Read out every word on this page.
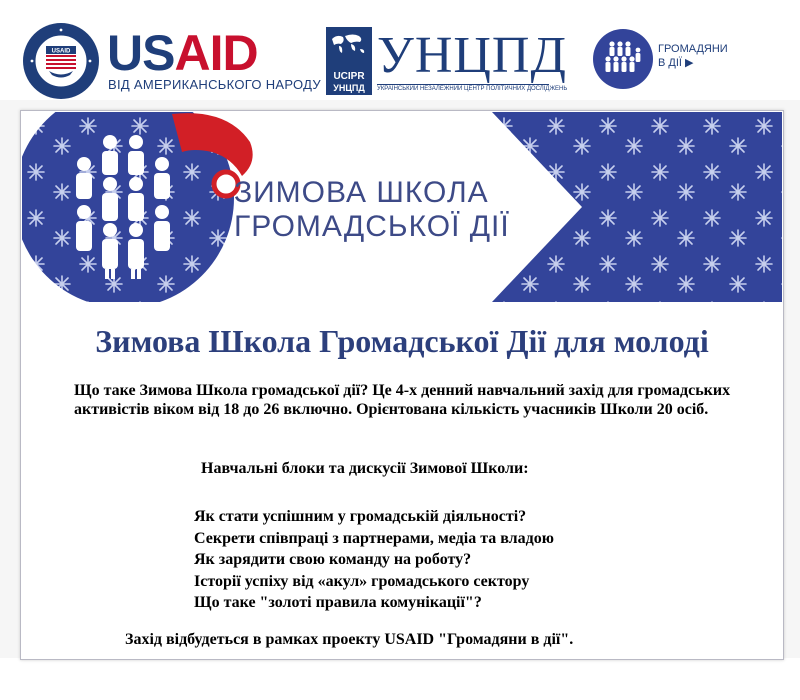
USAID USAID
ВІД АМЕРИКАНСЬКОГО НАРОДУ
UCIPR
УНЦПД
УНЦПД
УКРАЇНСЬКИЙ НЕЗАЛЕЖНИЙ ЦЕНТР ПОЛІТИЧНИХ ДОСЛІДЖЕНЬ
ГРОМАДЯНИ
В ДІЇ ▶
ЗИМОВА ШКОЛА
ГРОМАДСЬКОЇ ДІЇ
Зимова Школа Громадської Дії для молоді
Що таке Зимова Школа громадської дії? Це 4-х денний навчальний захід для громадських активістів віком від 18 до 26 включно. Орієнтована кількість учасників Школи 20 осіб.
Навчальні блоки та дискусії Зимової Школи:
Як стати успішним у громадській діяльності?
Секрети співпраці з партнерами, медіа та владою
Як зарядити свою команду на роботу?
Історії успіху від «акул» громадського сектору
Що таке "золоті правила комунікації"?
Захід відбудеться в рамках проекту USAID "Громадяни в дії".
